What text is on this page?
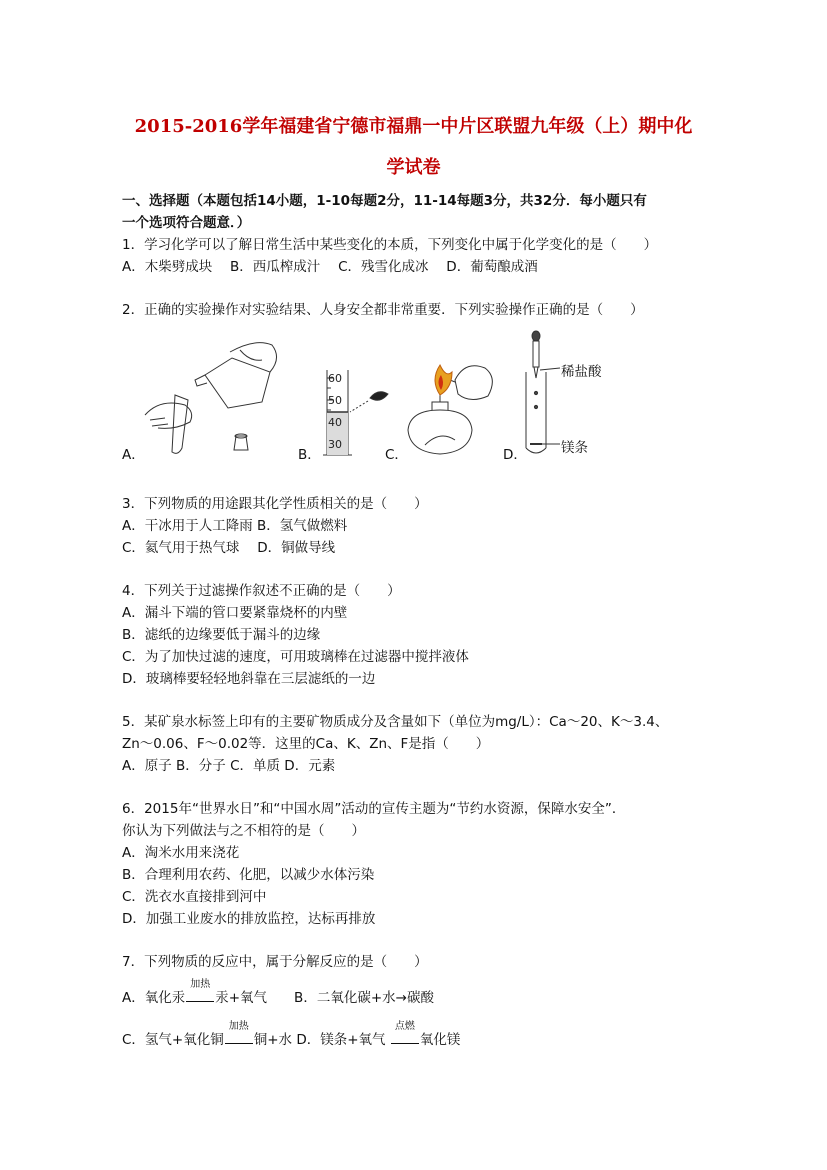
2015-2016学年福建省宁德市福鼎一中片区联盟九年级（上）期中化
学试卷
一、选择题（本题包括14小题，1-10每题2分，11-14每题3分，共32分．每小题只有
一个选项符合题意．）
1．学习化学可以了解日常生活中某些变化的本质，下列变化中属于化学变化的是（　　）
A．木柴劈成块　 B．西瓜榨成汁　 C．残雪化成冰　 D．葡萄酿成酒
2．正确的实验操作对实验结果、人身安全都非常重要．下列实验操作正确的是（　　）
A．	B．	C．	D．
60
50
40
30
稀盐酸
镁条
3．下列物质的用途跟其化学性质相关的是（　　）
A．干冰用于人工降雨 B．氢气做燃料
C．氦气用于热气球　 D．铜做导线
4．下列关于过滤操作叙述不正确的是（　　）
A．漏斗下端的管口要紧靠烧杯的内壁
B．滤纸的边缘要低于漏斗的边缘
C．为了加快过滤的速度，可用玻璃棒在过滤器中搅拌液体
D．玻璃棒要轻轻地斜靠在三层滤纸的一边
5．某矿泉水标签上印有的主要矿物质成分及含量如下（单位为mg/L）：Ca～20、K～3.4、
Zn～0.06、F～0.02等．这里的Ca、K、Zn、F是指（　　）
A．原子 B．分子 C．单质 D．元素
6．2015年“世界水日”和“中国水周”活动的宣传主题为“节约水资源，保障水安全”．
你认为下列做法与之不相符的是（　　）
A．淘米水用来浇花
B．合理利用农药、化肥，以减少水体污染
C．洗衣水直接排到河中
D．加强工业废水的排放监控，达标再排放
7．下列物质的反应中，属于分解反应的是（　　）
A．氧化汞
加热
汞+氧气　　B．二氧化碳+水→碳酸
C．氢气+氧化铜
加热
铜+水 D．镁条+氧气
点燃
氧化镁
